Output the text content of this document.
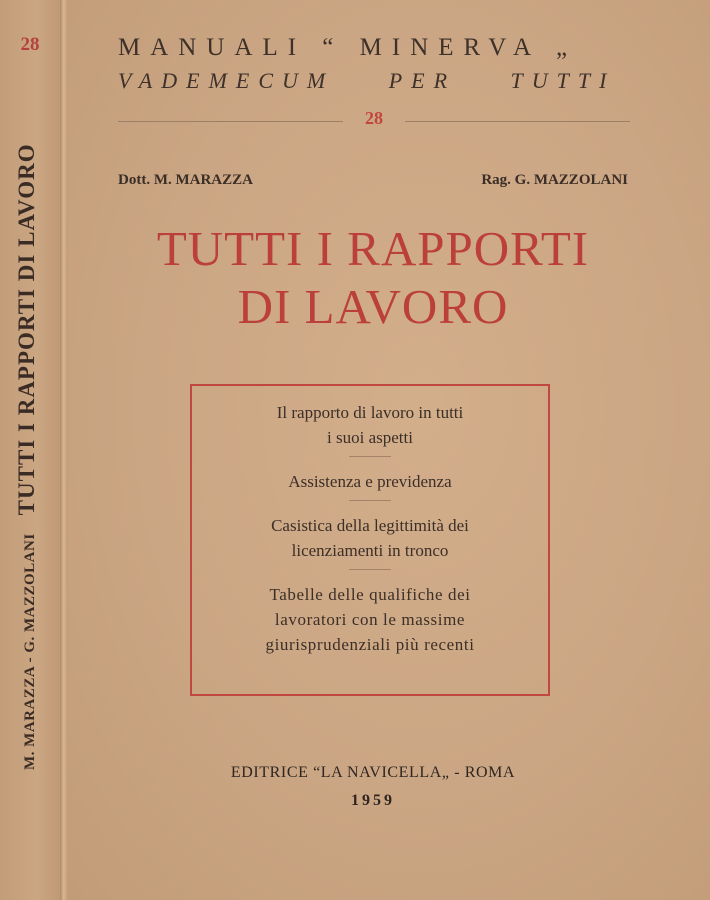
28
M. MARAZZA - G. MAZZOLANITUTTI I RAPPORTI DI LAVORO
MANUALI “ MINERVA „
VADEMECUM PER TUTTI
28
Dott. M. MARAZZA	Rag. G. MAZZOLANI
TUTTI I RAPPORTI
DI LAVORO
Il rapporto di lavoro in tutti
i suoi aspetti
Assistenza e previdenza
Casistica della legittimità dei
licenziamenti in tronco
Tabelle delle qualifiche dei
lavoratori con le massime
giurisprudenziali più recenti
EDITRICE “LA NAVICELLA„ - ROMA
1959
